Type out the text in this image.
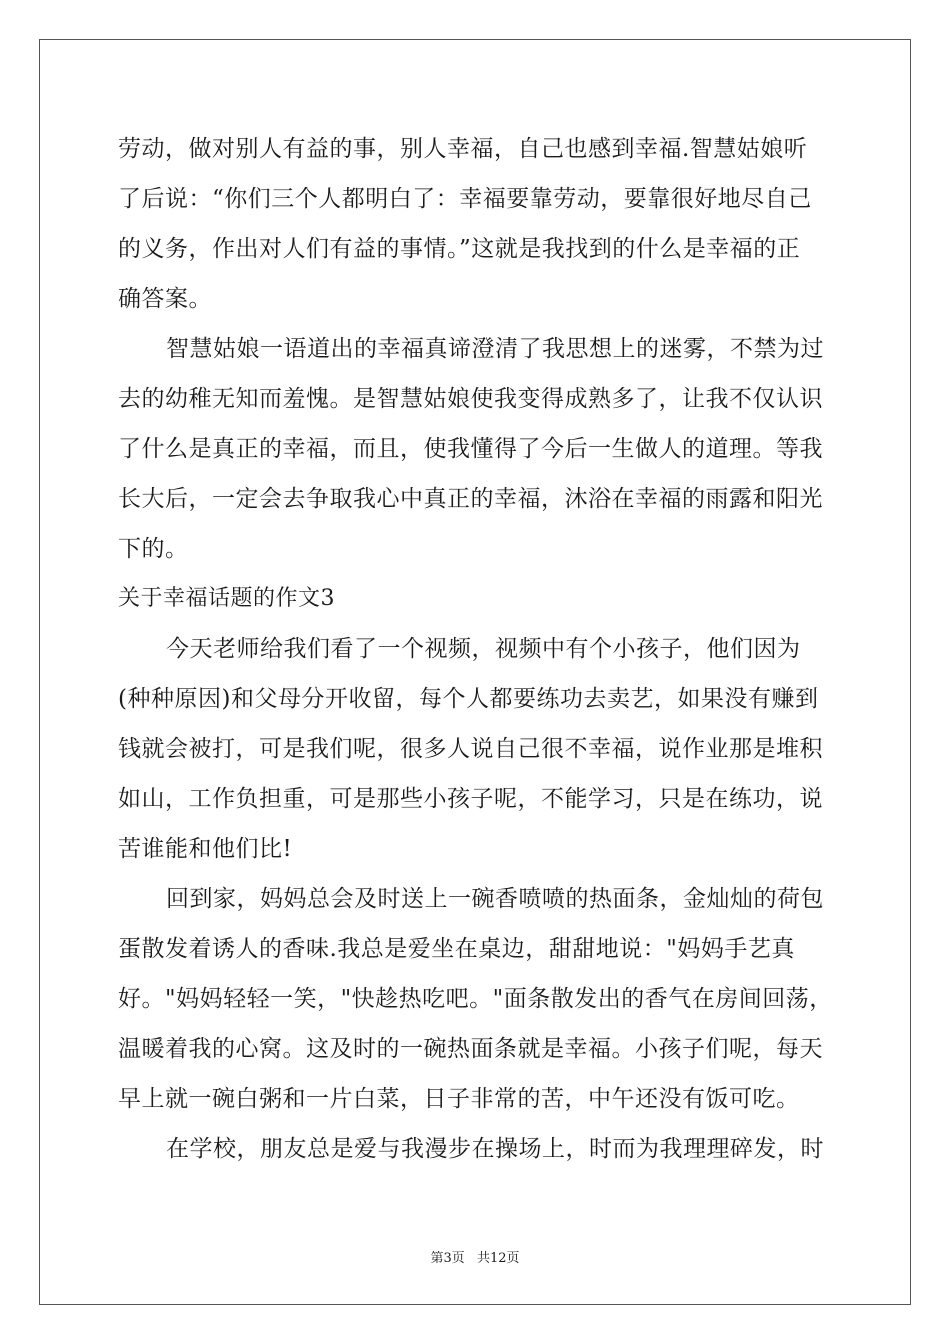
劳动，做对别人有益的事，别人幸福，自己也感到幸福.智慧姑娘听
了后说：“你们三个人都明白了：幸福要靠劳动，要靠很好地尽自己
的义务，作出对人们有益的事情。”这就是我找到的什么是幸福的正
确答案。
智慧姑娘一语道出的幸福真谛澄清了我思想上的迷雾，不禁为过
去的幼稚无知而羞愧。是智慧姑娘使我变得成熟多了，让我不仅认识
了什么是真正的幸福，而且，使我懂得了今后一生做人的道理。等我
长大后，一定会去争取我心中真正的幸福，沐浴在幸福的雨露和阳光
下的。
关于幸福话题的作文3
今天老师给我们看了一个视频，视频中有个小孩子，他们因为
(种种原因)和父母分开收留，每个人都要练功去卖艺，如果没有赚到
钱就会被打，可是我们呢，很多人说自己很不幸福，说作业那是堆积
如山，工作负担重，可是那些小孩子呢，不能学习，只是在练功，说
苦谁能和他们比!
回到家，妈妈总会及时送上一碗香喷喷的热面条，金灿灿的荷包
蛋散发着诱人的香味.我总是爱坐在桌边，甜甜地说："妈妈手艺真
好。"妈妈轻轻一笑，"快趁热吃吧。"面条散发出的香气在房间回荡，
温暖着我的心窝。这及时的一碗热面条就是幸福。小孩子们呢，每天
早上就一碗白粥和一片白菜，日子非常的苦，中午还没有饭可吃。
在学校，朋友总是爱与我漫步在操场上，时而为我理理碎发，时
第3页 共12页
